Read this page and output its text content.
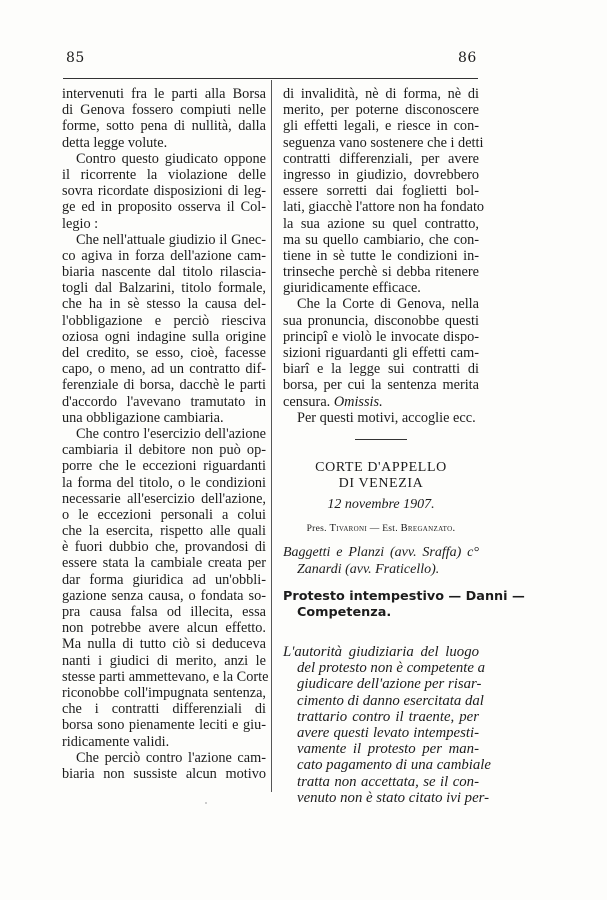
85	86
intervenuti fra le parti alla Borsa
di Genova fossero compiuti nelle
forme, sotto pena di nullità, dalla
detta legge volute.
Contro questo giudicato oppone
il ricorrente la violazione delle
sovra ricordate disposizioni di leg-
ge ed in proposito osserva il Col-
legio :
Che nell'attuale giudizio il Gnec-
co agiva in forza dell'azione cam-
biaria nascente dal titolo rilascia-
togli dal Balzarini, titolo formale,
che ha in sè stesso la causa del-
l'obbligazione e perciò riesciva
oziosa ogni indagine sulla origine
del credito, se esso, cioè, facesse
capo, o meno, ad un contratto dif-
ferenziale di borsa, dacchè le parti
d'accordo l'avevano tramutato in
una obbligazione cambiaria.
Che contro l'esercizio dell'azione
cambiaria il debitore non può op-
porre che le eccezioni riguardanti
la forma del titolo, o le condizioni
necessarie all'esercizio dell'azione,
o le eccezioni personali a colui
che la esercita, rispetto alle quali
è fuori dubbio che, provandosi di
essere stata la cambiale creata per
dar forma giuridica ad un'obbli-
gazione senza causa, o fondata so-
pra causa falsa od illecita, essa
non potrebbe avere alcun effetto.
Ma nulla di tutto ciò si deduceva
nanti i giudici di merito, anzi le
stesse parti ammettevano, e la Corte
riconobbe coll'impugnata sentenza,
che i contratti differenziali di
borsa sono pienamente leciti e giu-
ridicamente validi.
Che perciò contro l'azione cam-
biaria non sussiste alcun motivo
di invalidità, nè di forma, nè di
merito, per poterne disconoscere
gli effetti legali, e riesce in con-
seguenza vano sostenere che i detti
contratti differenziali, per avere
ingresso in giudizio, dovrebbero
essere sorretti dai foglietti bol-
lati, giacchè l'attore non ha fondato
la sua azione su quel contratto,
ma su quello cambiario, che con-
tiene in sè tutte le condizioni in-
trinseche perchè si debba ritenere
giuridicamente efficace.
Che la Corte di Genova, nella
sua pronuncia, disconobbe questi
principî e violò le invocate dispo-
sizioni riguardanti gli effetti cam-
biarî e la legge sui contratti di
borsa, per cui la sentenza merita
censura. Omissis.
Per questi motivi, accoglie ecc.
CORTE D'APPELLO
DI VENEZIA
12 novembre 1907.
Pres. Tivaroni — Est. Breganzato.
Baggetti e Planzi (avv. Sraffa) c°
Zanardi (avv. Fraticello).
Protesto intempestivo — Danni —
Competenza.
L'autorità giudiziaria del luogo
del protesto non è competente a
giudicare dell'azione per risar-
cimento di danno esercitata dal
trattario contro il traente, per
avere questi levato intempesti-
vamente il protesto per man-
cato pagamento di una cambiale
tratta non accettata, se il con-
venuto non è stato citato ivi per-
